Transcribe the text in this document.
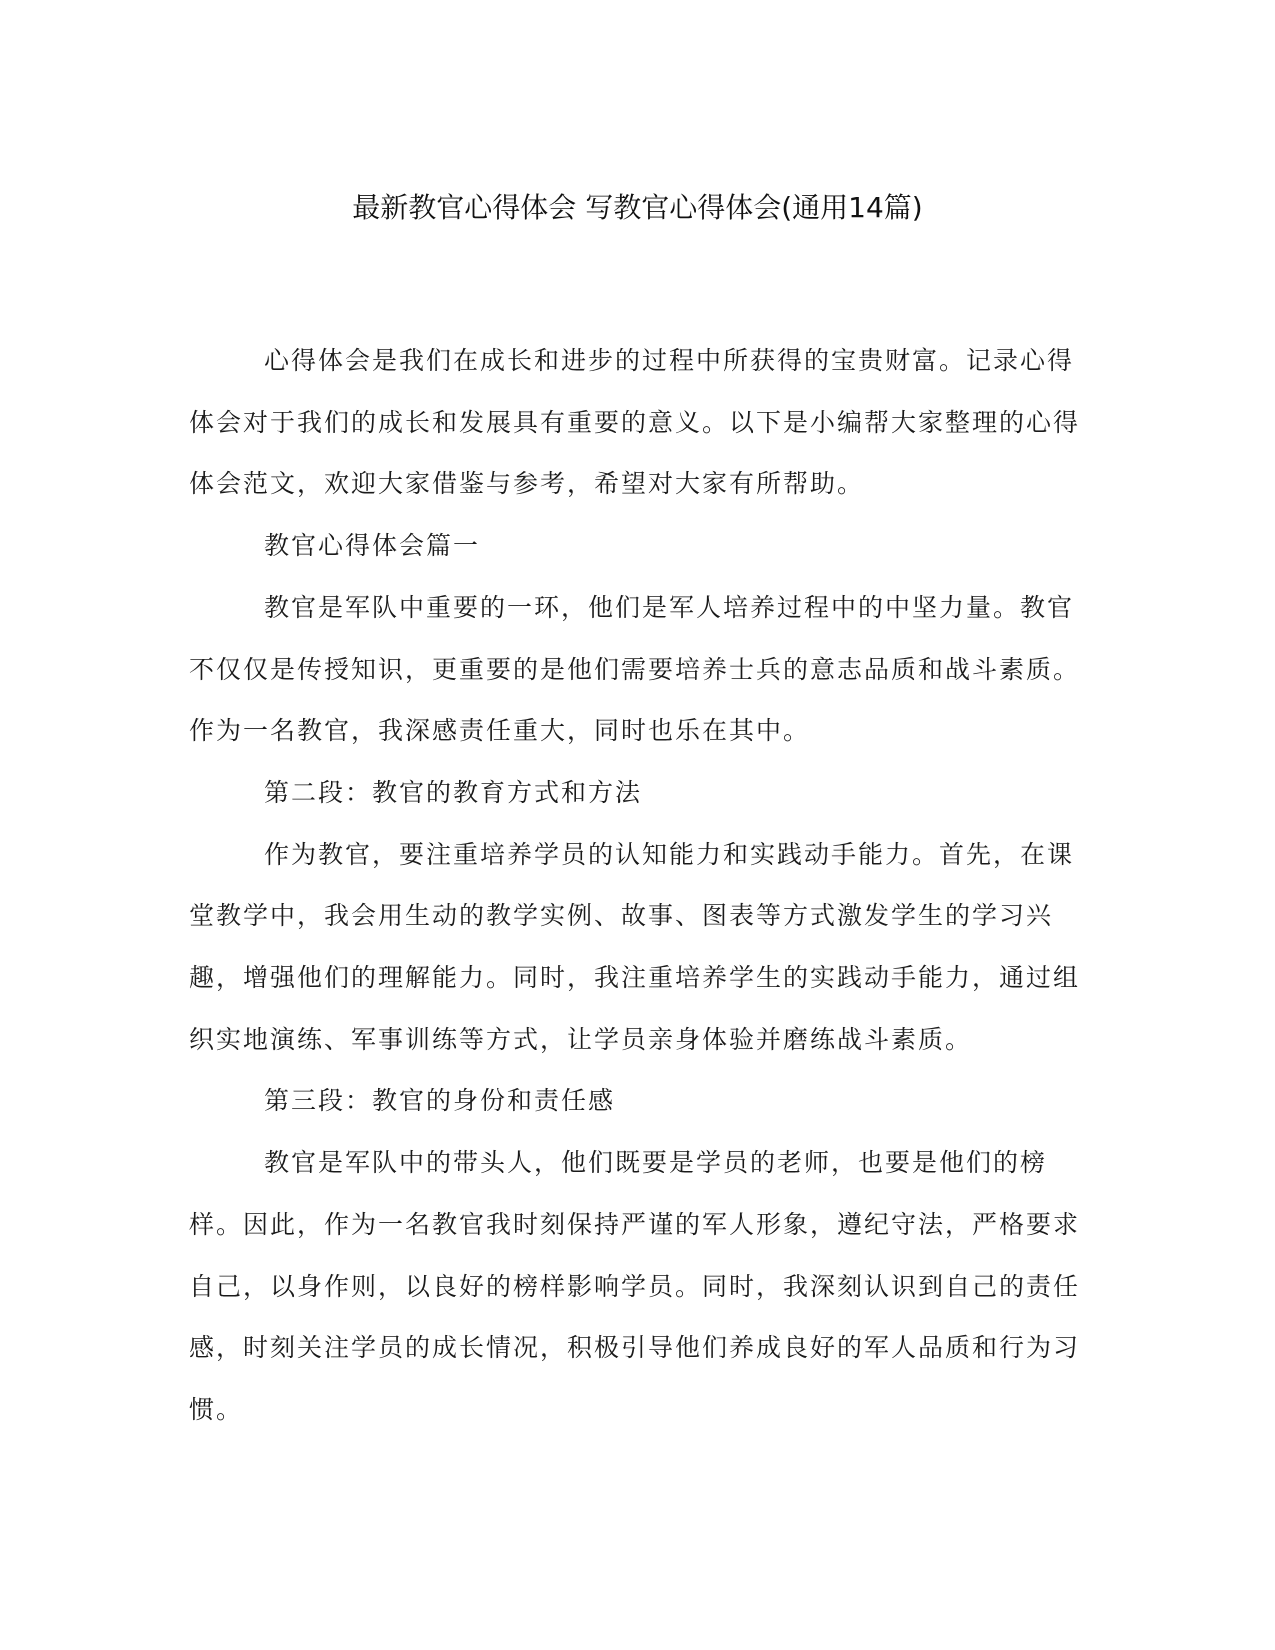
最新教官心得体会 写教官心得体会(通用14篇)

心得体会是我们在成长和进步的过程中所获得的宝贵财富。记录心得体会对于我们的成长和发展具有重要的意义。以下是小编帮大家整理的心得体会范文，欢迎大家借鉴与参考，希望对大家有所帮助。

教官心得体会篇一

教官是军队中重要的一环，他们是军人培养过程中的中坚力量。教官不仅仅是传授知识，更重要的是他们需要培养士兵的意志品质和战斗素质。作为一名教官，我深感责任重大，同时也乐在其中。

第二段：教官的教育方式和方法

作为教官，要注重培养学员的认知能力和实践动手能力。首先，在课堂教学中，我会用生动的教学实例、故事、图表等方式激发学生的学习兴趣，增强他们的理解能力。同时，我注重培养学生的实践动手能力，通过组织实地演练、军事训练等方式，让学员亲身体验并磨练战斗素质。

第三段：教官的身份和责任感

教官是军队中的带头人，他们既要是学员的老师，也要是他们的榜样。因此，作为一名教官我时刻保持严谨的军人形象，遵纪守法，严格要求自己，以身作则，以良好的榜样影响学员。同时，我深刻认识到自己的责任感，时刻关注学员的成长情况，积极引导他们养成良好的军人品质和行为习惯。
